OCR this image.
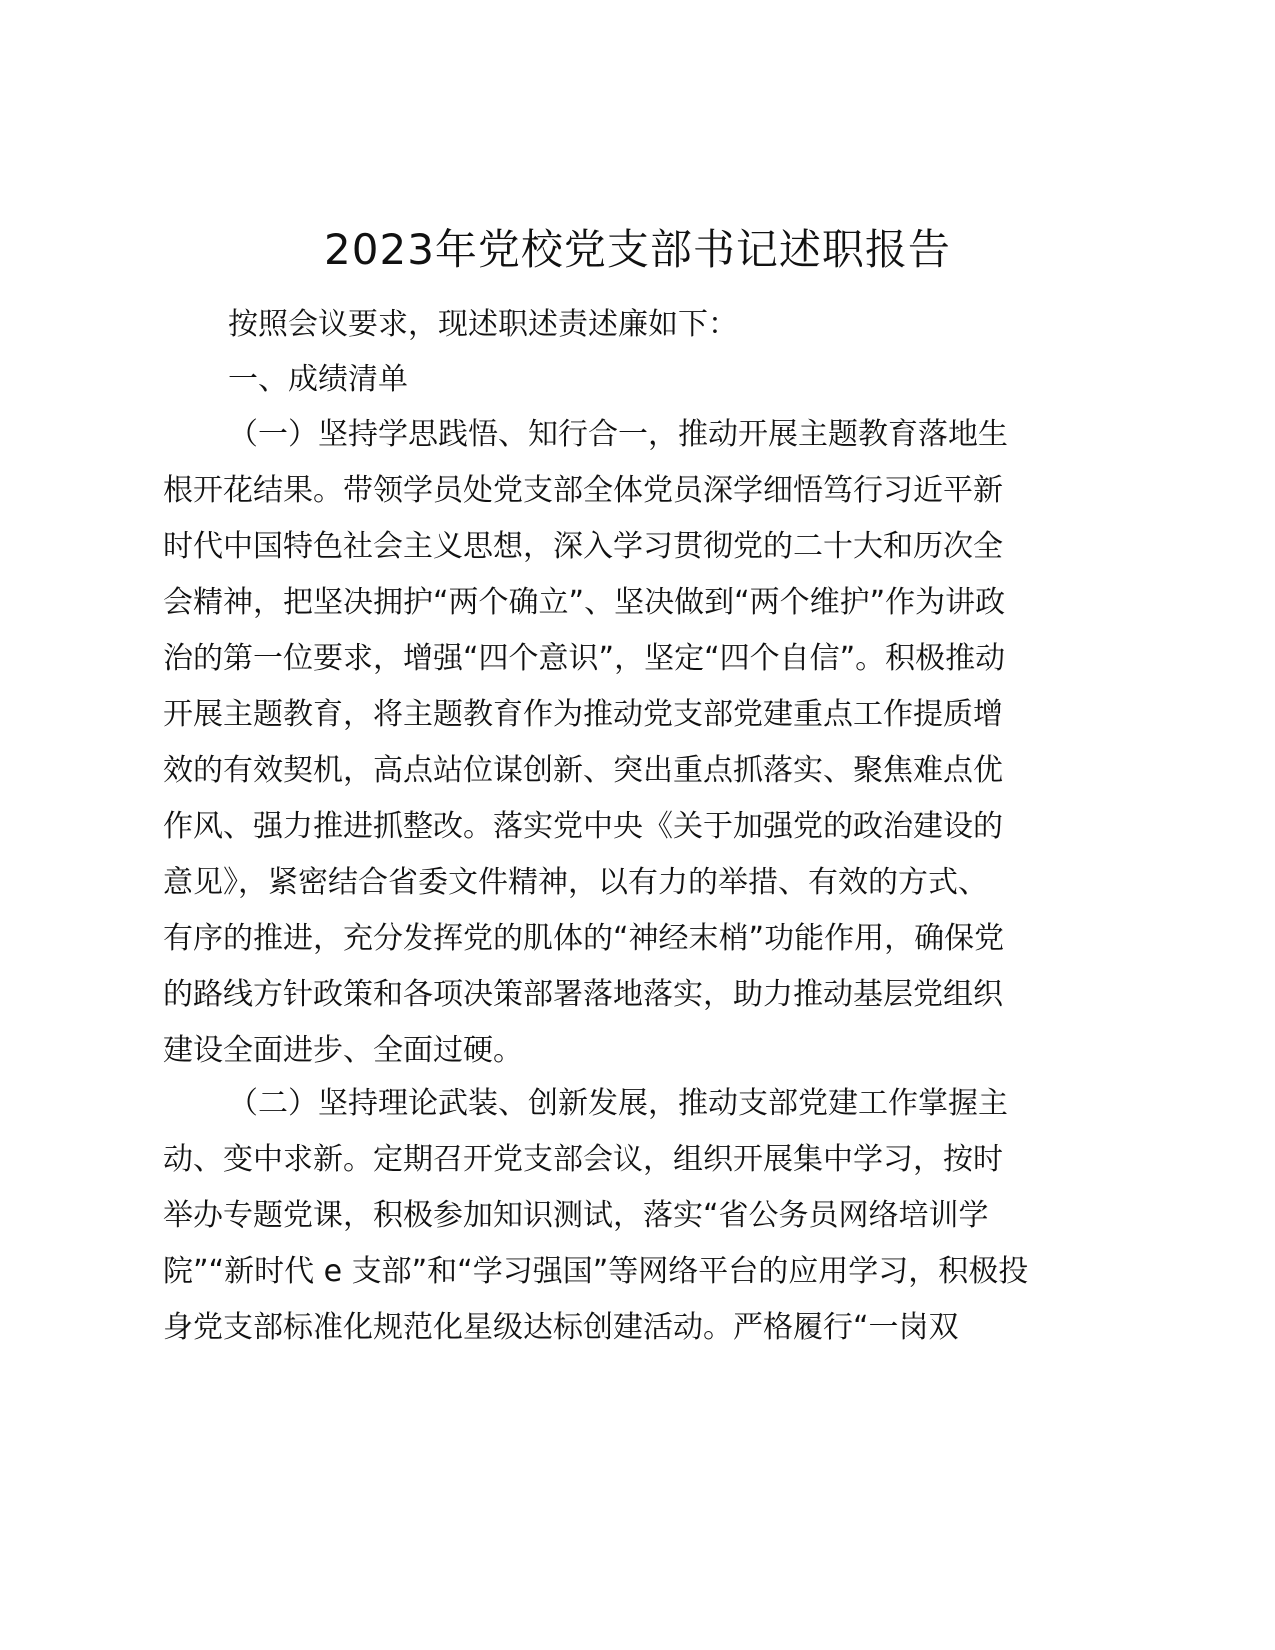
2023年党校党支部书记述职报告

按照会议要求，现述职述责述廉如下：

一、成绩清单

（一）坚持学思践悟、知行合一，推动开展主题教育落地生

根开花结果。带领学员处党支部全体党员深学细悟笃行习近平新

时代中国特色社会主义思想，深入学习贯彻党的二十大和历次全

会精神，把坚决拥护“两个确立”、坚决做到“两个维护”作为讲政

治的第一位要求，增强“四个意识”，坚定“四个自信”。积极推动

开展主题教育，将主题教育作为推动党支部党建重点工作提质增

效的有效契机，高点站位谋创新、突出重点抓落实、聚焦难点优

作风、强力推进抓整改。落实党中央《关于加强党的政治建设的

意见》，紧密结合省委文件精神，以有力的举措、有效的方式、

有序的推进，充分发挥党的肌体的“神经末梢”功能作用，确保党

的路线方针政策和各项决策部署落地落实，助力推动基层党组织

建设全面进步、全面过硬。

（二）坚持理论武装、创新发展，推动支部党建工作掌握主

动、变中求新。定期召开党支部会议，组织开展集中学习，按时

举办专题党课，积极参加知识测试，落实“省公务员网络培训学

院”“新时代 e 支部”和“学习强国”等网络平台的应用学习，积极投

身党支部标准化规范化星级达标创建活动。严格履行“一岗双
